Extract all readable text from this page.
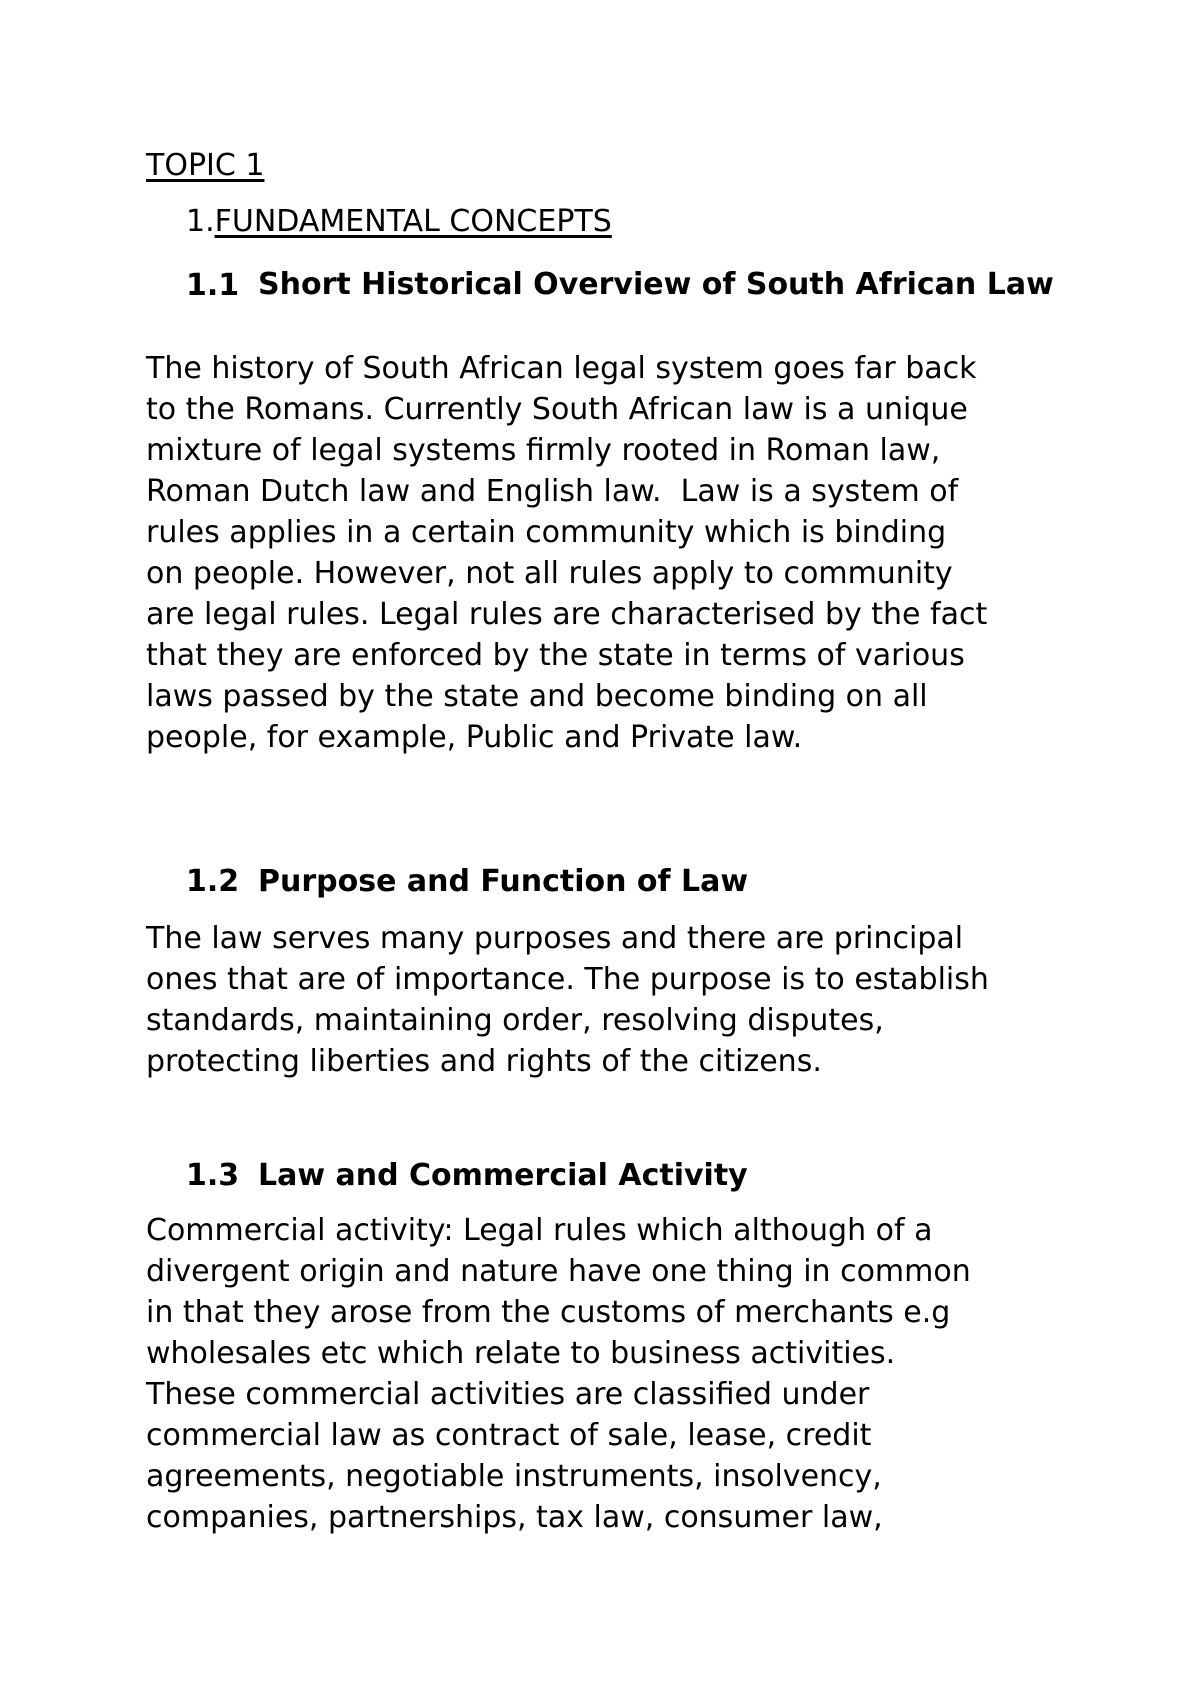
TOPIC 1
1.FUNDAMENTAL CONCEPTS
1.1 Short Historical Overview of South African Law

The history of South African legal system goes far back
to the Romans. Currently South African law is a unique
mixture of legal systems firmly rooted in Roman law,
Roman Dutch law and English law.  Law is a system of
rules applies in a certain community which is binding
on people. However, not all rules apply to community
are legal rules. Legal rules are characterised by the fact
that they are enforced by the state in terms of various
laws passed by the state and become binding on all
people, for example, Public and Private law.

1.2 Purpose and Function of Law

The law serves many purposes and there are principal
ones that are of importance. The purpose is to establish
standards, maintaining order, resolving disputes,
protecting liberties and rights of the citizens.

1.3 Law and Commercial Activity

Commercial activity: Legal rules which although of a
divergent origin and nature have one thing in common
in that they arose from the customs of merchants e.g
wholesales etc which relate to business activities.
These commercial activities are classified under
commercial law as contract of sale, lease, credit
agreements, negotiable instruments, insolvency,
companies, partnerships, tax law, consumer law,
